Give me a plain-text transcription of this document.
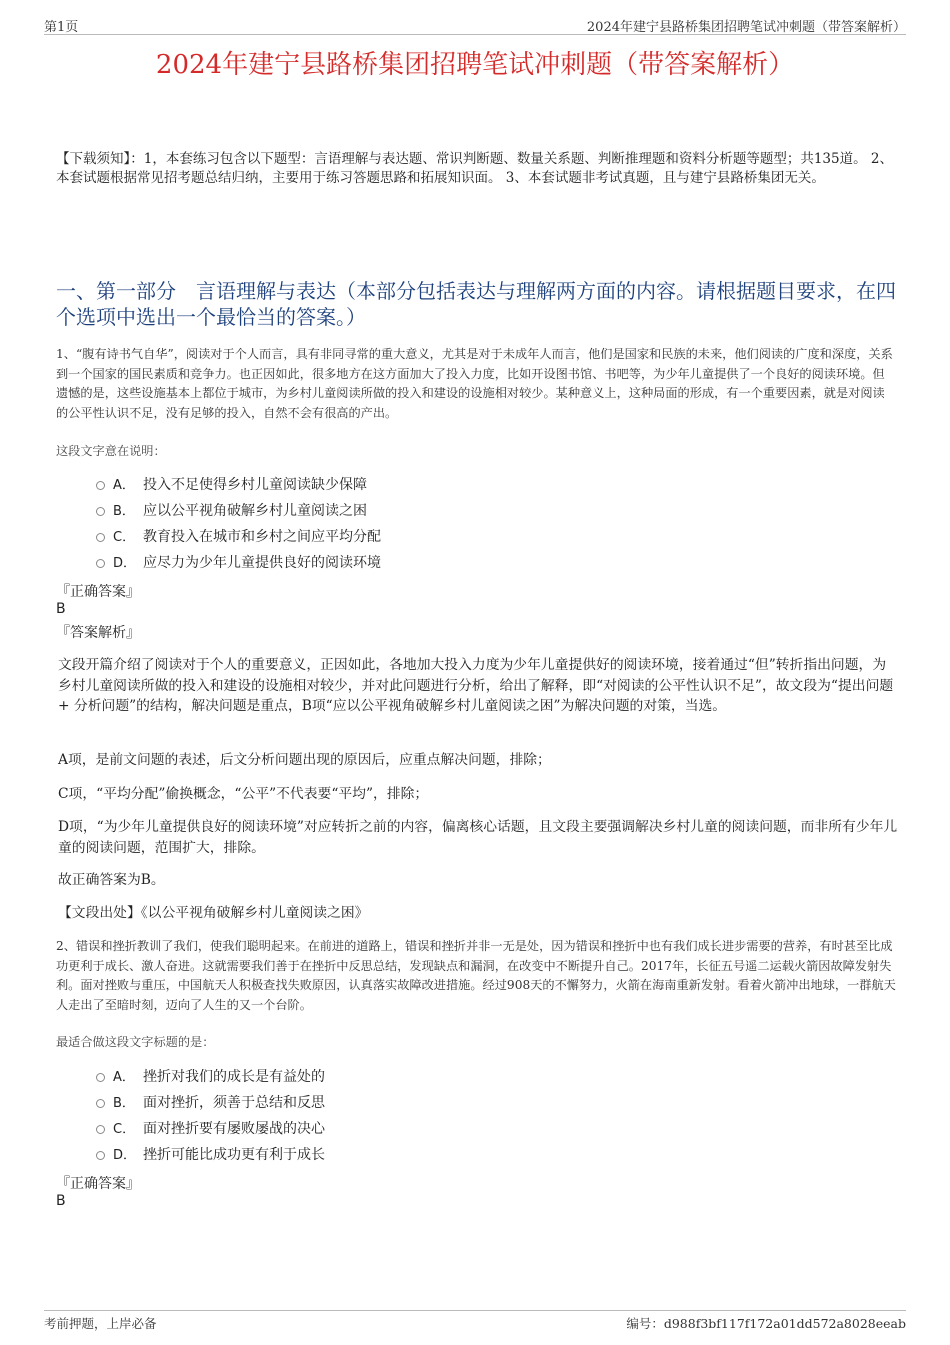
第1页	2024年建宁县路桥集团招聘笔试冲刺题（带答案解析）
2024年建宁县路桥集团招聘笔试冲刺题（带答案解析）
【下载须知】：1，本套练习包含以下题型：言语理解与表达题、常识判断题、数量关系题、判断推理题和资料分析题等题型；共135道。 2、本套试题根据常见招考题总结归纳，主要用于练习答题思路和拓展知识面。 3、本套试题非考试真题，且与建宁县路桥集团无关。
一、第一部分　言语理解与表达（本部分包括表达与理解两方面的内容。请根据题目要求，在四个选项中选出一个最恰当的答案。）
1、“腹有诗书气自华”，阅读对于个人而言，具有非同寻常的重大意义，尤其是对于未成年人而言，他们是国家和民族的未来，他们阅读的广度和深度，关系到一个国家的国民素质和竞争力。也正因如此，很多地方在这方面加大了投入力度，比如开设图书馆、书吧等，为少年儿童提供了一个良好的阅读环境。但遗憾的是，这些设施基本上都位于城市，为乡村儿童阅读所做的投入和建设的设施相对较少。某种意义上，这种局面的形成，有一个重要因素，就是对阅读的公平性认识不足，没有足够的投入，自然不会有很高的产出。
这段文字意在说明：
A． 投入不足使得乡村儿童阅读缺少保障
B． 应以公平视角破解乡村儿童阅读之困
C． 教育投入在城市和乡村之间应平均分配
D． 应尽力为少年儿童提供良好的阅读环境
『正确答案』
B
『答案解析』
文段开篇介绍了阅读对于个人的重要意义，正因如此，各地加大投入力度为少年儿童提供好的阅读环境，接着通过“但”转折指出问题，为乡村儿童阅读所做的投入和建设的设施相对较少，并对此问题进行分析，给出了解释，即“对阅读的公平性认识不足”，故文段为“提出问题 + 分析问题”的结构，解决问题是重点，B项“应以公平视角破解乡村儿童阅读之困”为解决问题的对策，当选。
A项，是前文问题的表述，后文分析问题出现的原因后，应重点解决问题，排除；
C项，“平均分配”偷换概念，“公平”不代表要“平均”，排除；
D项，“为少年儿童提供良好的阅读环境”对应转折之前的内容，偏离核心话题，且文段主要强调解决乡村儿童的阅读问题，而非所有少年儿童的阅读问题，范围扩大，排除。
故正确答案为B。
【文段出处】《以公平视角破解乡村儿童阅读之困》
2、错误和挫折教训了我们，使我们聪明起来。在前进的道路上，错误和挫折并非一无是处，因为错误和挫折中也有我们成长进步需要的营养，有时甚至比成功更利于成长、激人奋进。这就需要我们善于在挫折中反思总结，发现缺点和漏洞，在改变中不断提升自己。2017年，长征五号遥二运载火箭因故障发射失利。面对挫败与重压，中国航天人积极查找失败原因，认真落实故障改进措施。经过908天的不懈努力，火箭在海南重新发射。看着火箭冲出地球，一群航天人走出了至暗时刻，迈向了人生的又一个台阶。
最适合做这段文字标题的是：
A． 挫折对我们的成长是有益处的
B． 面对挫折，须善于总结和反思
C． 面对挫折要有屡败屡战的决心
D． 挫折可能比成功更有利于成长
『正确答案』
B
考前押题，上岸必备	编号：d988f3bf117f172a01dd572a8028eeab
